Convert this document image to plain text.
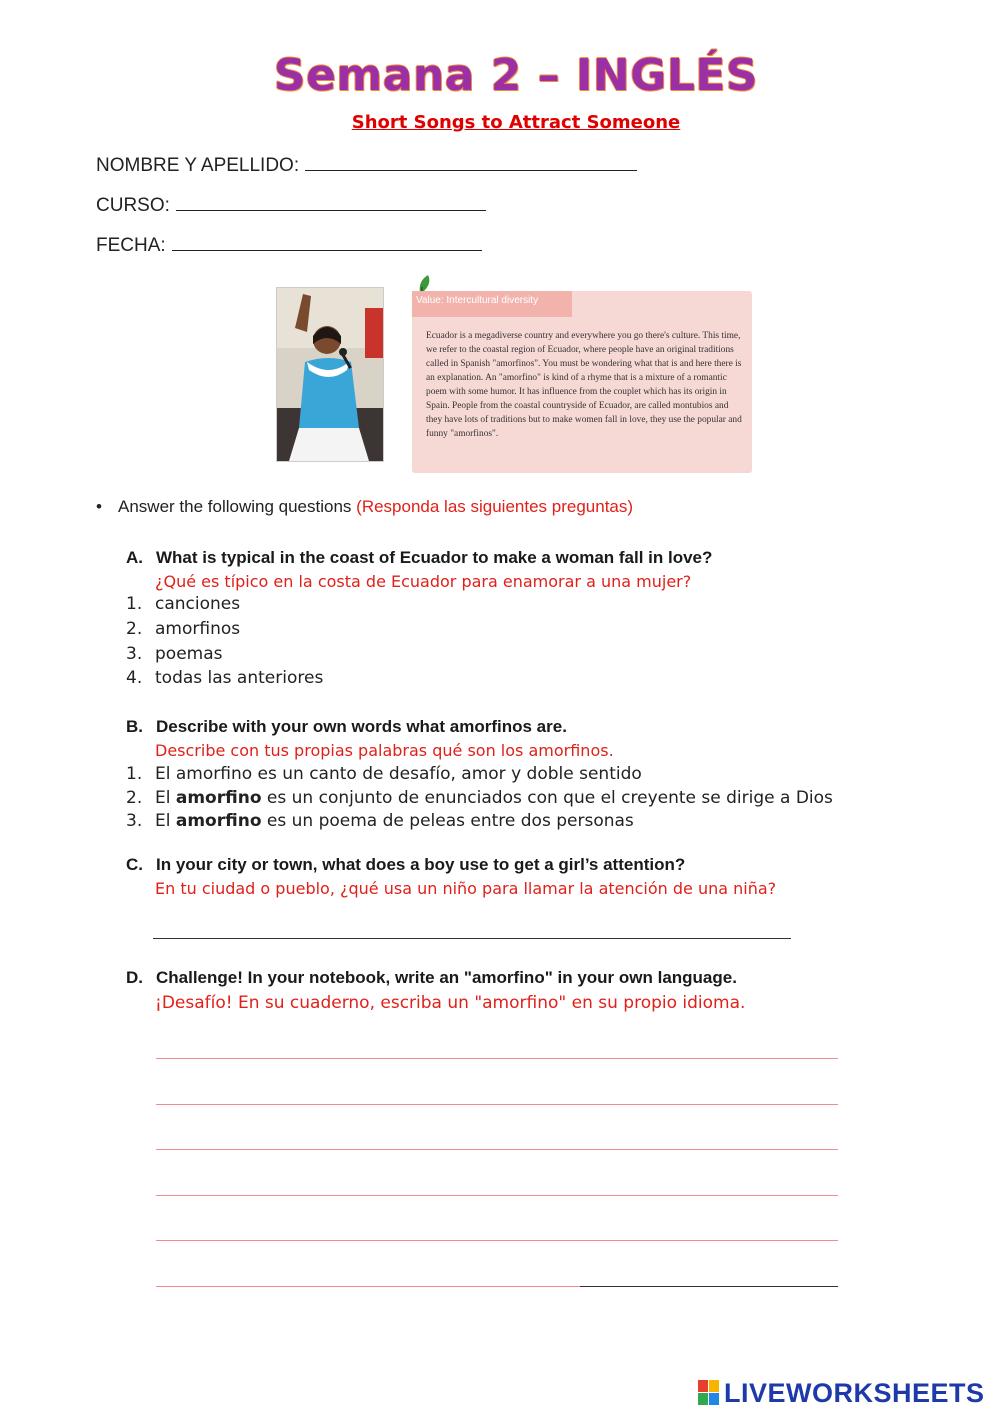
Semana 2 – INGLÉS
Short Songs to Attract Someone
NOMBRE Y APELLIDO:
CURSO:
FECHA:
Value: Intercultural diversity
Ecuador is a megadiverse country and everywhere you go there's culture. This time, we refer to the coastal region of Ecuador, where people have an original traditions called in Spanish "amorfinos". You must be wondering what that is and here there is an explanation. An "amorfino" is kind of a rhyme that is a mixture of a romantic poem with some humor. It has influence from the couplet which has its origin in Spain. People from the coastal countryside of Ecuador, are called montubios and they have lots of traditions but to make women fall in love, they use the popular and funny "amorfinos".
• Answer the following questions (Responda las siguientes preguntas)
A. What is typical in the coast of Ecuador to make a woman fall in love?
¿Qué es típico en la costa de Ecuador para enamorar a una mujer?
1. canciones
2. amorfinos
3. poemas
4. todas las anteriores
B. Describe with your own words what amorfinos are.
Describe con tus propias palabras qué son los amorfinos.
1. El amorfino es un canto de desafío, amor y doble sentido
2. El amorfino es un conjunto de enunciados con que el creyente se dirige a Dios
3. El amorfino es un poema de peleas entre dos personas
C. In your city or town, what does a boy use to get a girl’s attention?
En tu ciudad o pueblo, ¿qué usa un niño para llamar la atención de una niña?
D. Challenge! In your notebook, write an "amorfino" in your own language.
¡Desafío! En su cuaderno, escriba un "amorfino" en su propio idioma.
LIVEWORKSHEETS
